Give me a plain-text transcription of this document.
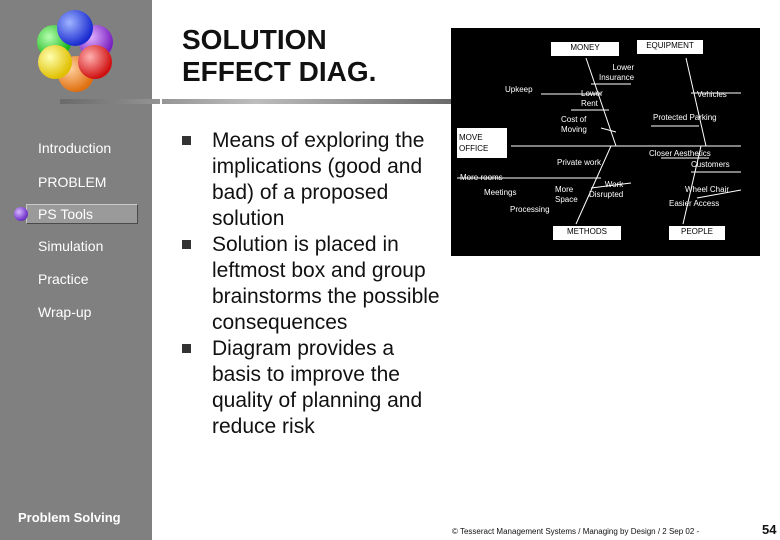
Introduction
PROBLEM
PS Tools
Simulation
Practice
Wrap-up
Problem Solving
SOLUTION
EFFECT DIAG.
Means of exploring the implications (good and bad) of a proposed solution
Solution is placed in leftmost box and group brainstorms the possible consequences
Diagram provides a basis to improve the quality of planning and reduce risk
MONEY	EQUIPMENT
MOVE
OFFICE
METHODS	PEOPLE
Upkeep
Lower
Insurance
Lower
Rent
Cost of
Moving
Vehicles
Protected Parking
Closer Aesthetics
Customers
Private work
More rooms
Work
Disrupted
Meetings	More
Space
Processing
Wheel Chair
Easier Access
© Tesseract Management Systems / Managing by Design / 2 Sep 02 -	54
